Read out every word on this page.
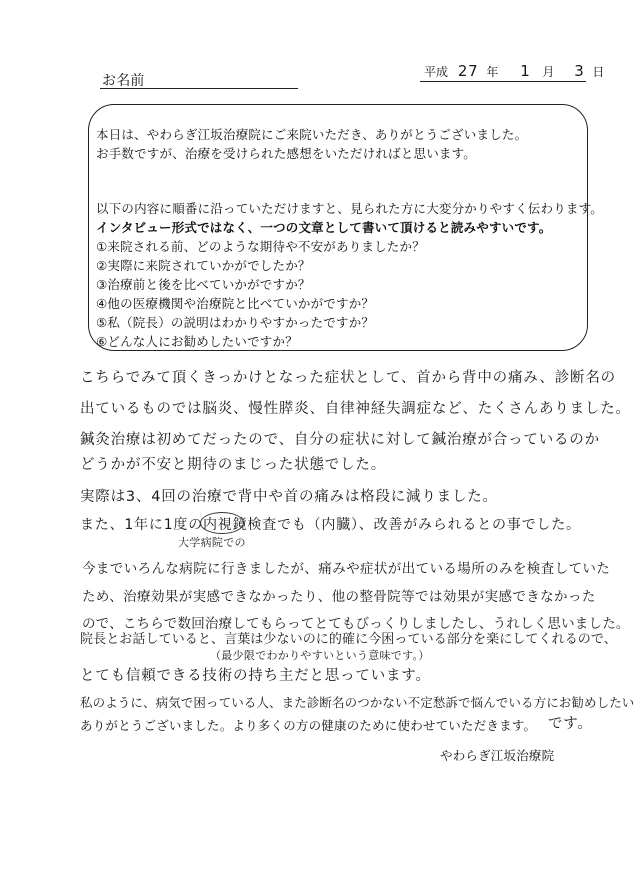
お名前
平成 27 年 1 月 3 日
本日は、やわらぎ江坂治療院にご来院いただき、ありがとうございました。
お手数ですが、治療を受けられた感想をいただければと思います。
以下の内容に順番に沿っていただけますと、見られた方に大変分かりやすく伝わります。
インタビュー形式ではなく、一つの文章として書いて頂けると読みやすいです。
①来院される前、どのような期待や不安がありましたか？
②実際に来院されていかがでしたか？
③治療前と後を比べていかがですか？
④他の医療機関や治療院と比べていかがですか？
⑤私（院長）の説明はわかりやすかったですか？
⑥どんな人にお勧めしたいですか？
こちらでみて頂くきっかけとなった症状として、首から背中の痛み、診断名の
出ているものでは脳炎、慢性膵炎、自律神経失調症など、たくさんありました。
鍼灸治療は初めてだったので、自分の症状に対して鍼治療が合っているのか
どうかが不安と期待のまじった状態でした。
実際は3、4回の治療で背中や首の痛みは格段に減りました。
大学病院での
また、1年に1度の内視鏡検査でも（内臓）、改善がみられるとの事でした。
今までいろんな病院に行きましたが、痛みや症状が出ている場所のみを検査していた
ため、治療効果が実感できなかったり、他の整骨院等では効果が実感できなかった
ので、こちらで数回治療してもらってとてもびっくりしましたし、うれしく思いました。
院長とお話していると、言葉は少ないのに的確に今困っている部分を楽にしてくれるので、
（最少限でわかりやすいという意味です。）
とても信頼できる技術の持ち主だと思っています。
私のように、病気で困っている人、また診断名のつかない不定愁訴で悩んでいる方にお勧めしたい
ありがとうございました。より多くの方の健康のために使わせていただきます。 です。
やわらぎ江坂治療院
